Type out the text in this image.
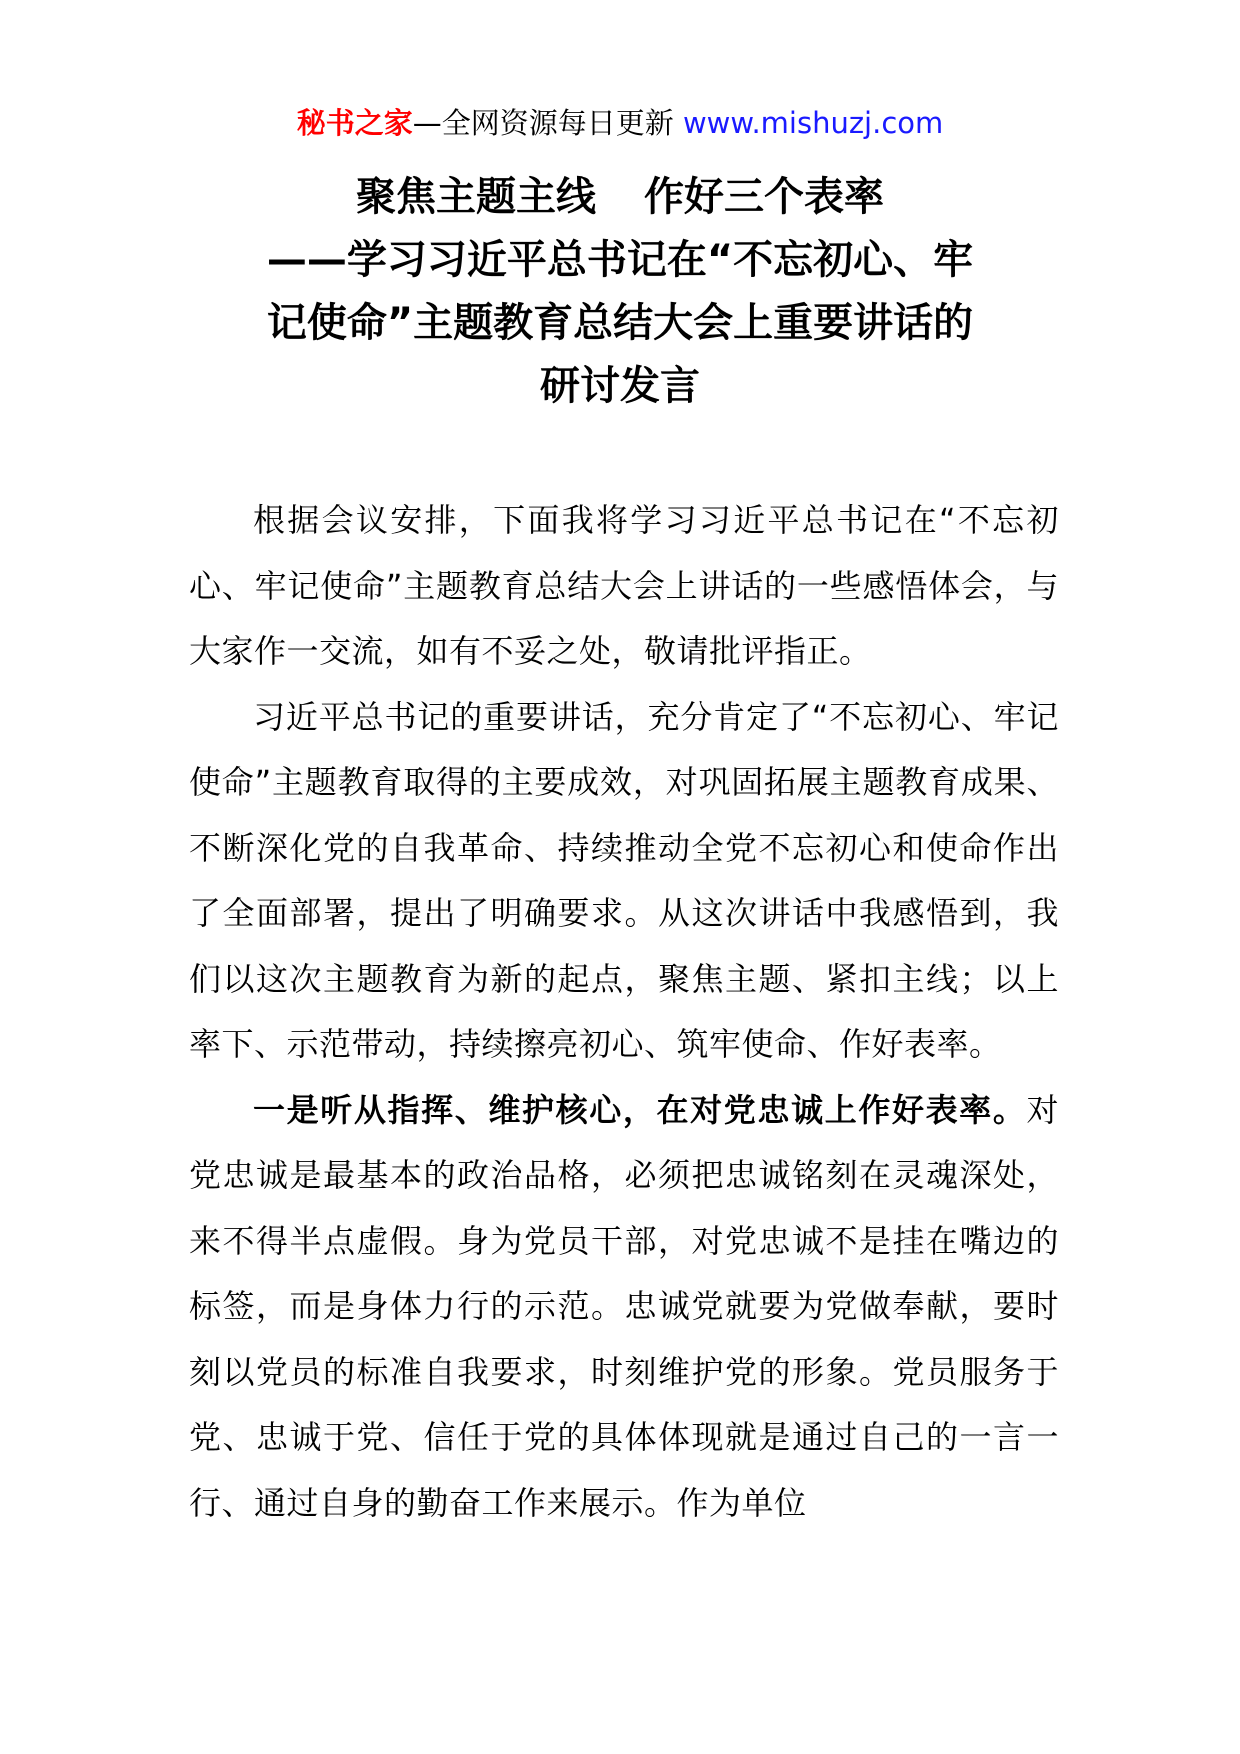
秘书之家—全网资源每日更新 www.mishuzj.com
聚焦主题主线 作好三个表率
——学习习近平总书记在“不忘初心、牢
记使命”主题教育总结大会上重要讲话的
研讨发言

根据会议安排，下面我将学习习近平总书记在“不忘初心、牢记使命”主题教育总结大会上讲话的一些感悟体会，与大家作一交流，如有不妥之处，敬请批评指正。

习近平总书记的重要讲话，充分肯定了“不忘初心、牢记使命”主题教育取得的主要成效，对巩固拓展主题教育成果、不断深化党的自我革命、持续推动全党不忘初心和使命作出了全面部署，提出了明确要求。从这次讲话中我感悟到，我们以这次主题教育为新的起点，聚焦主题、紧扣主线；以上率下、示范带动，持续擦亮初心、筑牢使命、作好表率。

一是听从指挥、维护核心，在对党忠诚上作好表率。对党忠诚是最基本的政治品格，必须把忠诚铭刻在灵魂深处，来不得半点虚假。身为党员干部，对党忠诚不是挂在嘴边的标签，而是身体力行的示范。忠诚党就要为党做奉献，要时刻以党员的标准自我要求，时刻维护党的形象。党员服务于党、忠诚于党、信任于党的具体体现就是通过自己的一言一行、通过自身的勤奋工作来展示。作为单位
